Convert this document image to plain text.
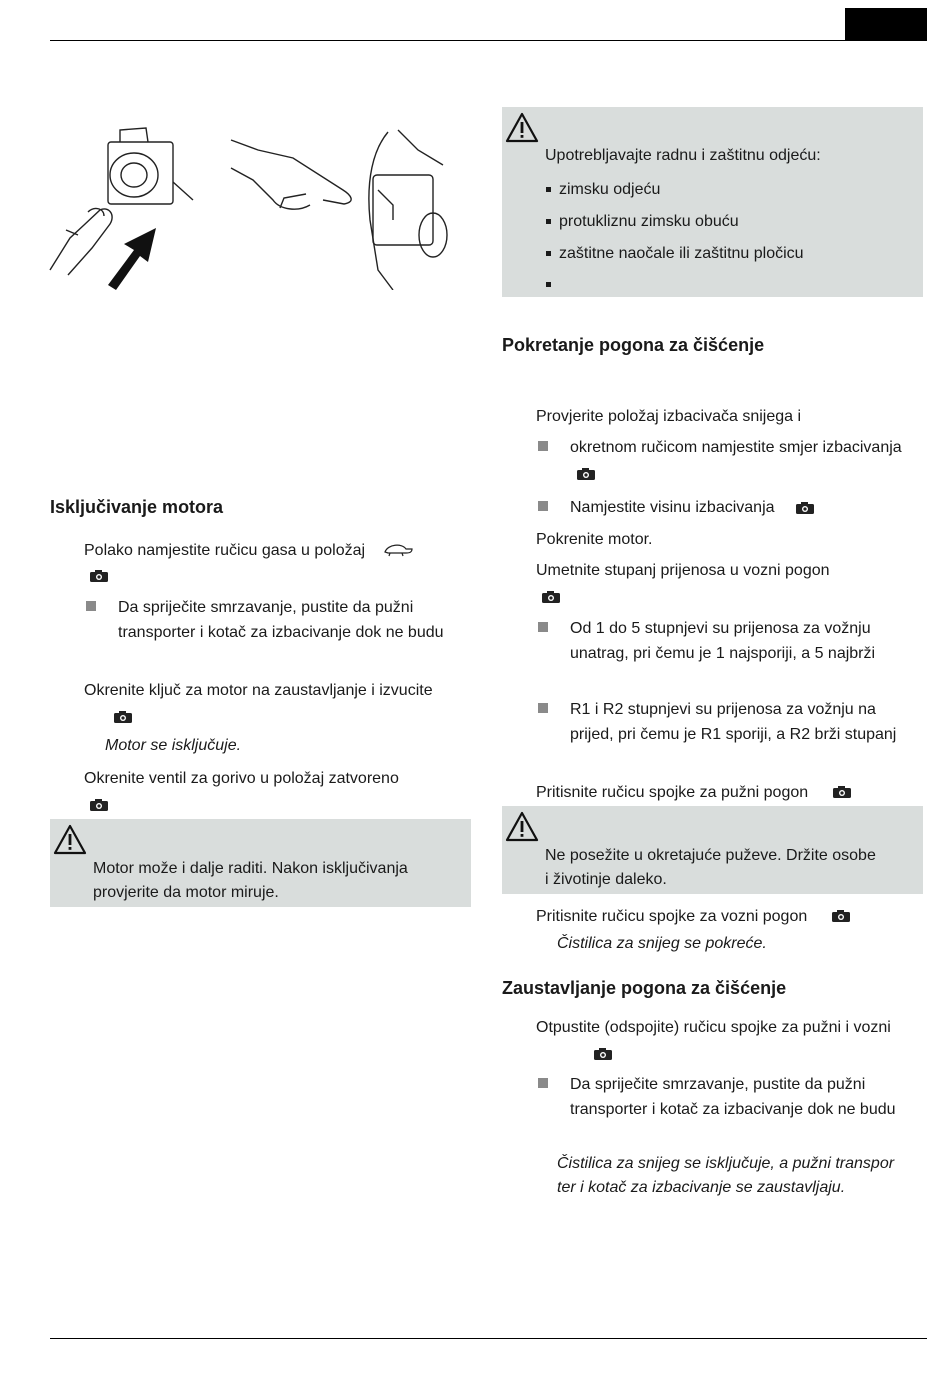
Isključivanje motora
Polako namjestite ručicu gasa u položaj
Da spriječite smrzavanje, pustite da pužni
transporter i kotač za izbacivanje dok ne budu
Okrenite ključ za motor na zaustavljanje i izvucite
Motor se isključuje.
Okrenite ventil za gorivo u položaj zatvoreno
Motor može i dalje raditi. Nakon isključivanja
provjerite da motor miruje.
Upotrebljavajte radnu i zaštitnu odjeću:
zimsku odjeću
protukliznu zimsku obuću
zaštitne naočale ili zaštitnu pločicu
Pokretanje pogona za čišćenje
Provjerite položaj izbacivača snijega i
okretnom ručicom namjestite smjer izbacivanja
Namjestite visinu izbacivanja
Pokrenite motor.
Umetnite stupanj prijenosa u vozni pogon
Od 1 do 5 stupnjevi su prijenosa za vožnju
unatrag, pri čemu je 1 najsporiji, a 5 najbrži
R1 i R2 stupnjevi su prijenosa za vožnju na
prijed, pri čemu je R1 sporiji, a R2 brži stupanj
Pritisnite ručicu spojke za pužni pogon
Ne posežite u okretajuće puževe. Držite osobe
i životinje daleko.
Pritisnite ručicu spojke za vozni pogon
Čistilica za snijeg se pokreće.
Zaustavljanje pogona za čišćenje
Otpustite (odspojite) ručicu spojke za pužni i vozni
Da spriječite smrzavanje, pustite da pužni
transporter i kotač za izbacivanje dok ne budu
Čistilica za snijeg se isključuje, a pužni transpor
ter i kotač za izbacivanje se zaustavljaju.
